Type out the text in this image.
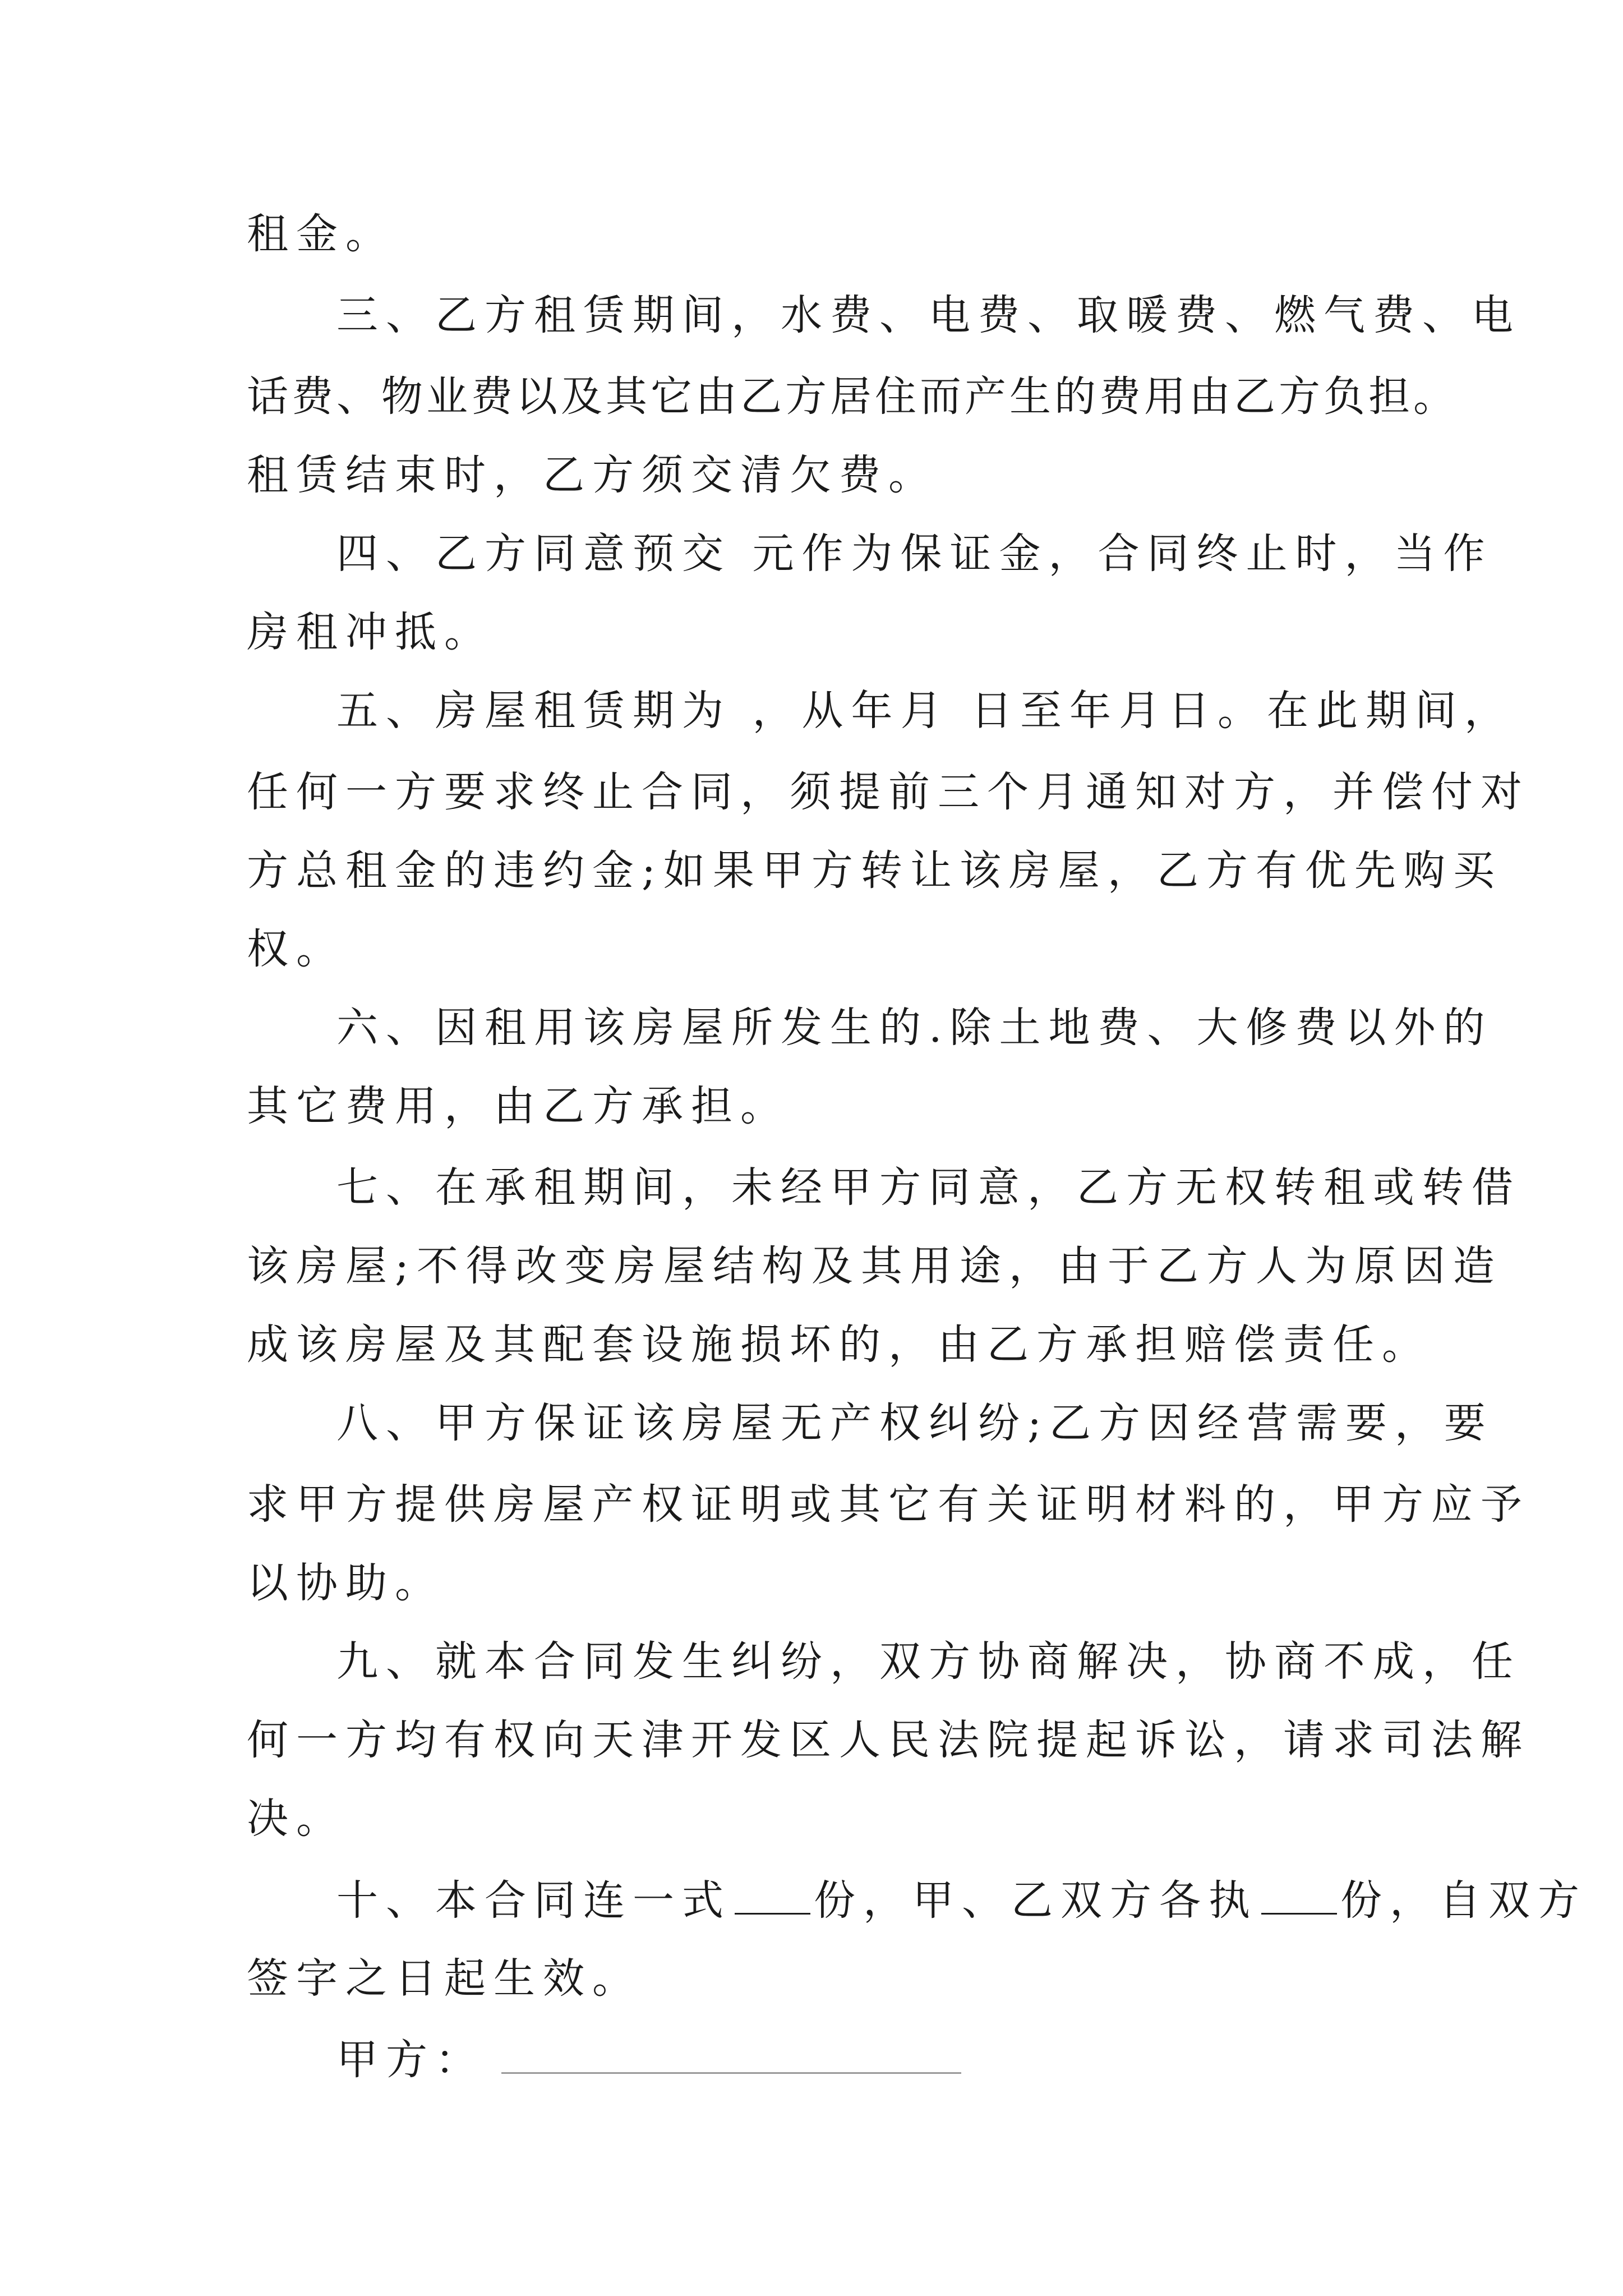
租金。
三、乙方租赁期间，水费、电费、取暖费、燃气费、电
话费、物业费以及其它由乙方居住而产生的费用由乙方负担。
租赁结束时，乙方须交清欠费。
四、乙方同意预交 元作为保证金，合同终止时，当作
房租冲抵。
五、房屋租赁期为 ，从年月 日至年月日。在此期间，
任何一方要求终止合同，须提前三个月通知对方，并偿付对
方总租金的违约金;如果甲方转让该房屋，乙方有优先购买
权。
六、因租用该房屋所发生的.除土地费、大修费以外的
其它费用，由乙方承担。
七、在承租期间，未经甲方同意，乙方无权转租或转借
该房屋;不得改变房屋结构及其用途，由于乙方人为原因造
成该房屋及其配套设施损坏的，由乙方承担赔偿责任。
八、甲方保证该房屋无产权纠纷;乙方因经营需要，要
求甲方提供房屋产权证明或其它有关证明材料的，甲方应予
以协助。
九、就本合同发生纠纷，双方协商解决，协商不成，任
何一方均有权向天津开发区人民法院提起诉讼，请求司法解
决。
十、本合同连一式 份，甲、乙双方各执 份，自双方
签字之日起生效。
甲方：
